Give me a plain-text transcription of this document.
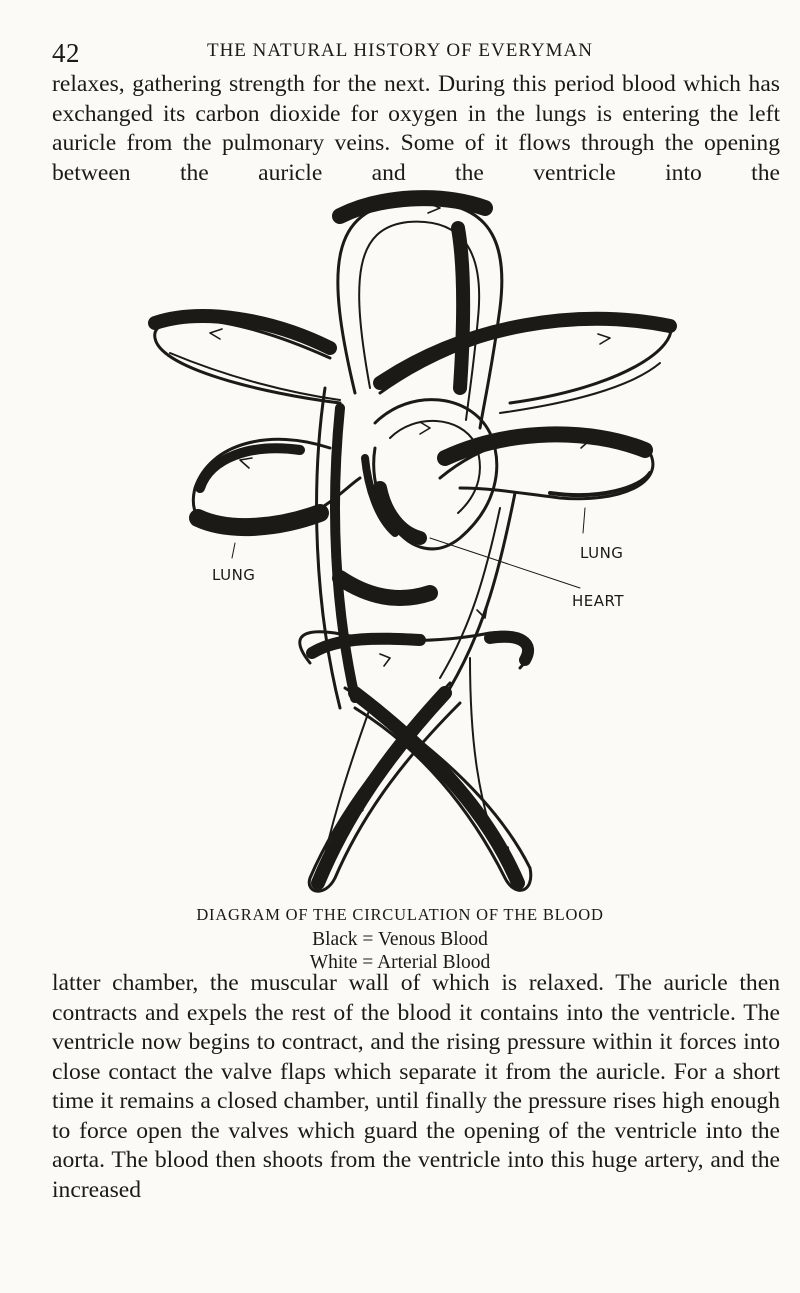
42	THE NATURAL HISTORY OF EVERYMAN

relaxes, gathering strength for the next. During this period blood which has exchanged its carbon dioxide for oxygen in the lungs is entering the left auricle from the pulmonary veins. Some of it flows through the opening between the auricle and the ventricle into the

LUNG
LUNG
HEART
DIAGRAM OF THE CIRCULATION OF THE BLOOD
Black = Venous Blood
White = Arterial Blood

latter chamber, the muscular wall of which is relaxed. The auricle then contracts and expels the rest of the blood it contains into the ventricle. The ventricle now begins to contract, and the rising pressure within it forces into close contact the valve flaps which separate it from the auricle. For a short time it remains a closed chamber, until finally the pressure rises high enough to force open the valves which guard the opening of the ventricle into the aorta. The blood then shoots from the ventricle into this huge artery, and the increased
